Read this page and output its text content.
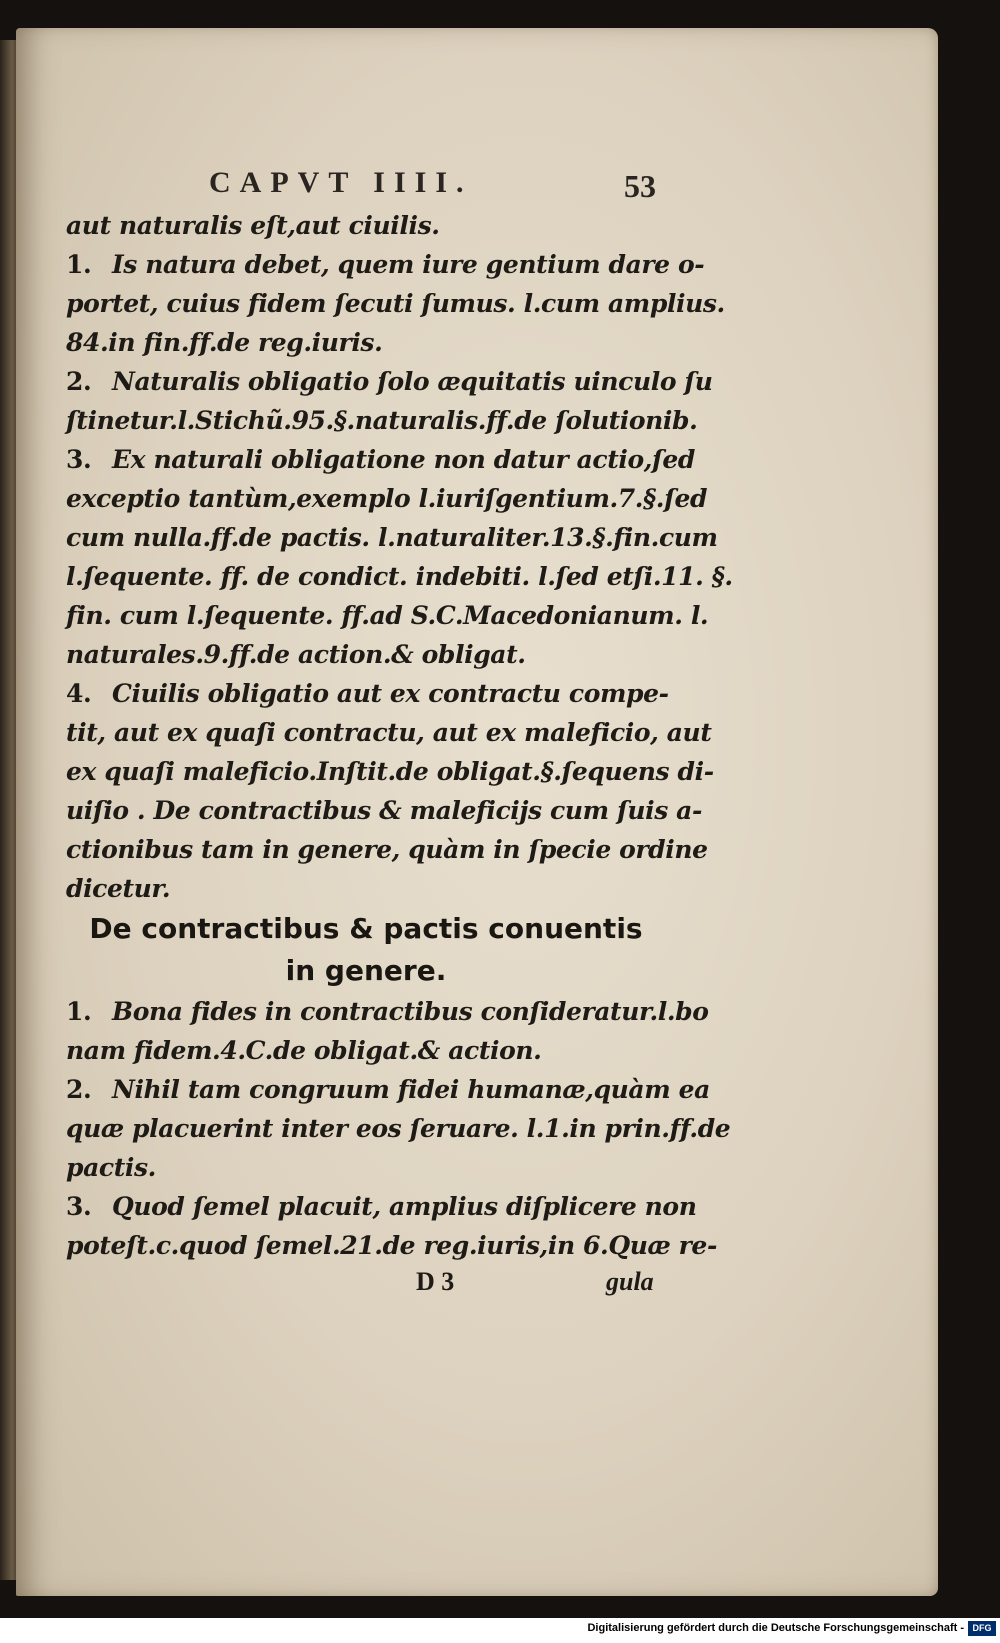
CAPVT IIII.	53
aut naturalis eſt,aut ciuilis.
1. Is natura debet, quem iure gentium dare o-
portet, cuius fidem ſecuti ſumus. l.cum amplius.
84.in fin.ff.de reg.iuris.
2. Naturalis obligatio ſolo æquitatis uinculo ſu
ſtinetur.l.Stichũ.95.§.naturalis.ff.de ſolutionib.
3. Ex naturali obligatione non datur actio,ſed
exceptio tantùm,exemplo l.iuriſgentium.7.§.ſed
cum nulla.ff.de pactis. l.naturaliter.13.§.fin.cum
l.ſequente. ff. de condict. indebiti. l.ſed etſi.11. §.
fin. cum l.ſequente. ff.ad S.C.Macedonianum. l.
naturales.9.ff.de action.& obligat.
4. Ciuilis obligatio aut ex contractu compe-
tit, aut ex quaſi contractu, aut ex maleficio, aut
ex quaſi maleficio.Inſtit.de obligat.§.ſequens di-
uiſio . De contractibus & maleficijs cum ſuis a-
ctionibus tam in genere, quàm in ſpecie ordine
dicetur.
De contractibus & pactis conuentis
in genere.
1. Bona fides in contractibus conſideratur.l.bo
nam fidem.4.C.de obligat.& action.
2. Nihil tam congruum fidei humanæ,quàm ea
quæ placuerint inter eos ſeruare. l.1.in prin.ff.de
pactis.
3. Quod ſemel placuit, amplius diſplicere non
poteſt.c.quod ſemel.21.de reg.iuris,in 6.Quæ re-
D 3	gula
Digitalisierung gefördert durch die Deutsche Forschungsgemeinschaft - DFG
